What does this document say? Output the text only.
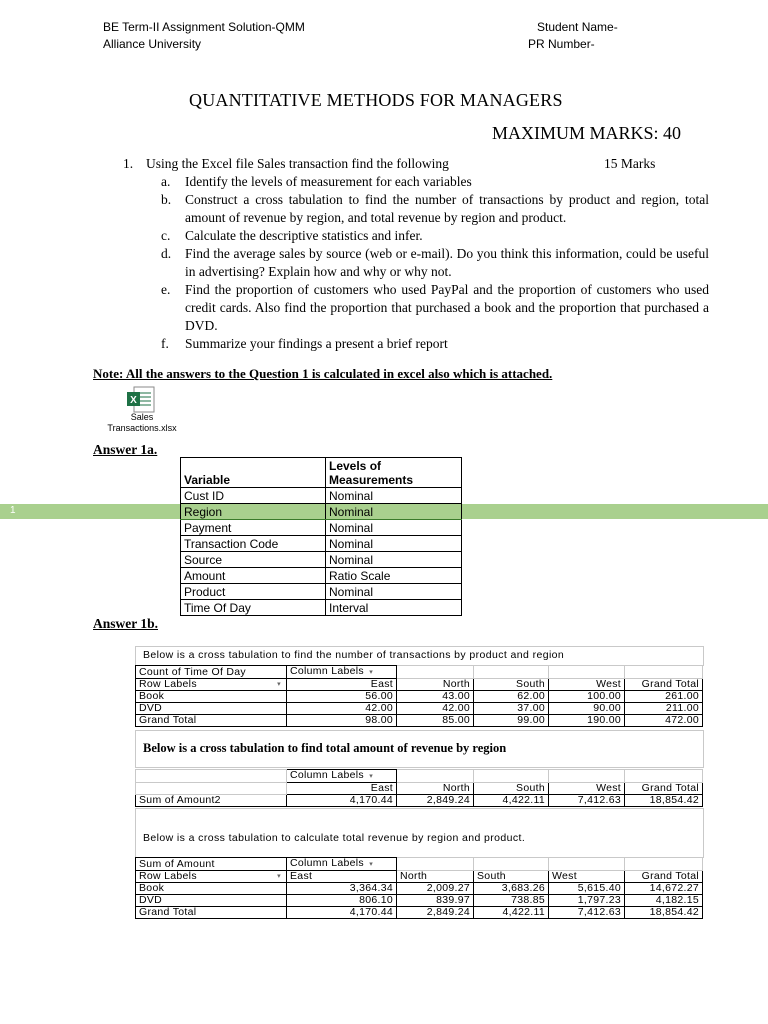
BE Term-II Assignment Solution-QMM
Alliance University
Student Name-
PR Number-
QUANTITATIVE METHODS FOR MANAGERS
MAXIMUM MARKS: 40
1. Using the Excel file Sales transaction find the following	15 Marks
a. Identify the levels of measurement for each variables
b. Construct a cross tabulation to find the number of transactions by product and region, total amount of revenue by region, and total revenue by region and product.
c. Calculate the descriptive statistics and infer.
d. Find the average sales by source (web or e-mail). Do you think this information, could be useful in advertising? Explain how and why or why not.
e. Find the proportion of customers who used PayPal and the proportion of customers who used credit cards. Also find the proportion that purchased a book and the proportion that purchased a DVD.
f. Summarize your findings a present a brief report
Note: All the answers to the Question 1 is calculated in excel also which is attached.
X
Sales
Transactions.xlsx
Answer 1a.
1
Variable	Levels of Measurements
Cust ID	Nominal
Region	Nominal
Payment	Nominal
Transaction Code	Nominal
Source	Nominal
Amount	Ratio Scale
Product	Nominal
Time Of Day	Interval
Answer 1b.
Below is a cross tabulation to find the number of transactions by product and region
Count of Time Of Day	Column Labels ▾				
Row Labels ▾	East	North	South	West	Grand Total
Book	56.00	43.00	62.00	100.00	261.00
DVD	42.00	42.00	37.00	90.00	211.00
Grand Total	98.00	85.00	99.00	190.00	472.00
Below is a cross tabulation to find total amount of revenue by region
	Column Labels ▾				
	East	North	South	West	Grand Total
Sum of Amount2	4,170.44	2,849.24	4,422.11	7,412.63	18,854.42
Below is a cross tabulation to calculate total revenue by region and product.
Sum of Amount	Column Labels ▾				
Row Labels ▾	East	North	South	West	Grand Total
Book	3,364.34	2,009.27	3,683.26	5,615.40	14,672.27
DVD	806.10	839.97	738.85	1,797.23	4,182.15
Grand Total	4,170.44	2,849.24	4,422.11	7,412.63	18,854.42
